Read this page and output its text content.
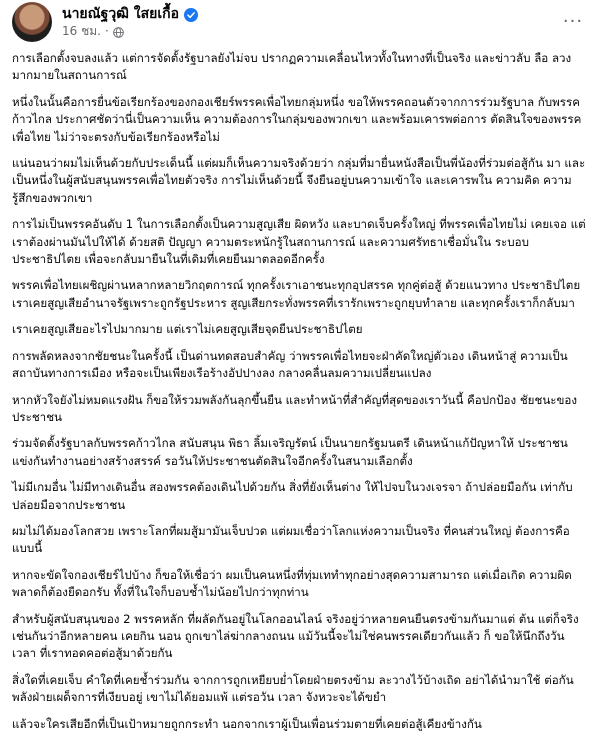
นายณัฐวุฒิ ใสยเกื้อ
16 ชม. ·	···

การเลือกตั้งจบลงแล้ว แต่การจัดตั้งรัฐบาลยังไม่จบ ปรากฏความเคลื่อนไหวทั้งในทางที่เป็นจริง และข่าวลับ ลือ ลวง มากมายในสถานการณ์

หนึ่งในนั้นคือการยื่นข้อเรียกร้องของกองเชียร์พรรคเพื่อไทยกลุ่มหนึ่ง ขอให้พรรคถอนตัวจากการร่วมรัฐบาล กับพรรคก้าวไกล ประกาศชัดว่านี่เป็นความเห็น ความต้องการในกลุ่มของพวกเขา และพร้อมเคารพต่อการ ตัดสินใจของพรรคเพื่อไทย ไม่ว่าจะตรงกับข้อเรียกร้องหรือไม่

แน่นอนว่าผมไม่เห็นด้วยกับประเด็นนี้ แต่ผมก็เห็นความจริงด้วยว่า กลุ่มที่มายื่นหนังสือเป็นพี่น้องที่ร่วมต่อสู้กัน มา และเป็นหนึ่งในผู้สนับสนุนพรรคเพื่อไทยตัวจริง การไม่เห็นด้วยนี้ จึงยืนอยู่บนความเข้าใจ และเคารพใน ความคิด ความรู้สึกของพวกเขา

การไม่เป็นพรรคอันดับ 1 ในการเลือกตั้งเป็นความสูญเสีย ผิดหวัง และบาดเจ็บครั้งใหญ่ ที่พรรคเพื่อไทยไม่ เคยเจอ แต่เราต้องผ่านมันไปให้ได้ ด้วยสติ ปัญญา ความตระหนักรู้ในสถานการณ์ และความศรัทธาเชื่อมั่นใน ระบอบประชาธิปไตย เพื่อจะกลับมายืนในที่เดิมที่เคยยืนมาตลอดอีกครั้ง

พรรคเพื่อไทยเผชิญผ่านหลากหลายวิกฤตการณ์ ทุกครั้งเราเอาชนะทุกอุปสรรค ทุกคู่ต่อสู้ ด้วยแนวทาง ประชาธิปไตย เราเคยสูญเสียอำนาจรัฐเพราะถูกรัฐประหาร สูญเสียกระทั่งพรรคที่เรารักเพราะถูกยุบทำลาย และทุกครั้งเราก็กลับมา

เราเคยสูญเสียอะไรไปมากมาย แต่เราไม่เคยสูญเสียจุดยืนประชาธิปไตย

การพลัดหลงจากชัยชนะในครั้งนี้ เป็นด่านทดสอบสำคัญ ว่าพรรคเพื่อไทยจะฝ่าคัดใหญ่ตัวเอง เดินหน้าสู่ ความเป็นสถาบันทางการเมือง หรือจะเป็นเพียงเรือร้างอัปปางลง กลางคลื่นลมความเปลี่ยนแปลง

หากหัวใจยังไม่หมดแรงฝัน ก็ขอให้รวมพลังกันลุกขึ้นยืน และทำหน้าที่สำคัญที่สุดของเราวันนี้ คือปกป้อง ชัยชนะของประชาชน

ร่วมจัดตั้งรัฐบาลกับพรรคก้าวไกล สนับสนุน พิธา ลิ้มเจริญรัตน์ เป็นนายกรัฐมนตรี เดินหน้าแก้ปัญหาให้ ประชาชน แข่งกันทำงานอย่างสร้างสรรค์ รอวันให้ประชาชนตัดสินใจอีกครั้งในสนามเลือกตั้ง

ไม่มีเกมอื่น ไม่มีทางเดินอื่น สองพรรคต้องเดินไปด้วยกัน สิ่งที่ยังเห็นต่าง ให้ไปจบในวงเจรจา ถ้าปล่อยมือกัน เท่ากับปล่อยมือจากประชาชน

ผมไม่ได้มองโลกสวย เพราะโลกที่ผมสู้มามันเจ็บปวด แต่ผมเชื่อว่าโลกแห่งความเป็นจริง ที่คนส่วนใหญ่ ต้องการคือแบบนี้

หากจะขัดใจกองเชียร์ไปบ้าง ก็ขอให้เชื่อว่า ผมเป็นคนหนึ่งที่ทุ่มเททำทุกอย่างสุดความสามารถ แต่เมื่อเกิด ความผิดพลาดก็ต้องยืดอกรับ ทั้งที่ในใจก็บอบช้ำไม่น้อยไปกว่าทุกท่าน

สำหรับผู้สนับสนุนของ 2 พรรคหลัก ที่ผลัดกันอยู่ในโลกออนไลน์ จริงอยู่ว่าหลายคนยืนตรงข้ามกันมาแต่ ต้น แต่ก็จริงเช่นกันว่าอีกหลายคน เคยกิน นอน ถูกเขาไล่ฆ่ากลางถนน แม้วันนี้จะไม่ใช่คนพรรคเดียวกันแล้ว ก็ ขอให้นึกถึงวัน เวลา ที่เราทอดคอต่อสู้มาด้วยกัน

สิ่งใดที่เคยเจ็บ คำใดที่เคยช้ำร่วมกัน จากการถูกเหยียบย่ำโดยฝ่ายตรงข้าม ละวางไว้บ้างเถิด อย่าได้นำมาใช้ ต่อกัน พลังฝ่ายเผด็จการที่เงียบอยู่ เขาไม่ได้ยอมแพ้ แต่รอวัน เวลา จังหวะจะได้ขยำ

แล้วจะใครเสียอีกที่เป็นเป้าหมายถูกกระทำ นอกจากเราผู้เป็นเพื่อนร่วมตายที่เคยต่อสู้เคียงข้างกัน
